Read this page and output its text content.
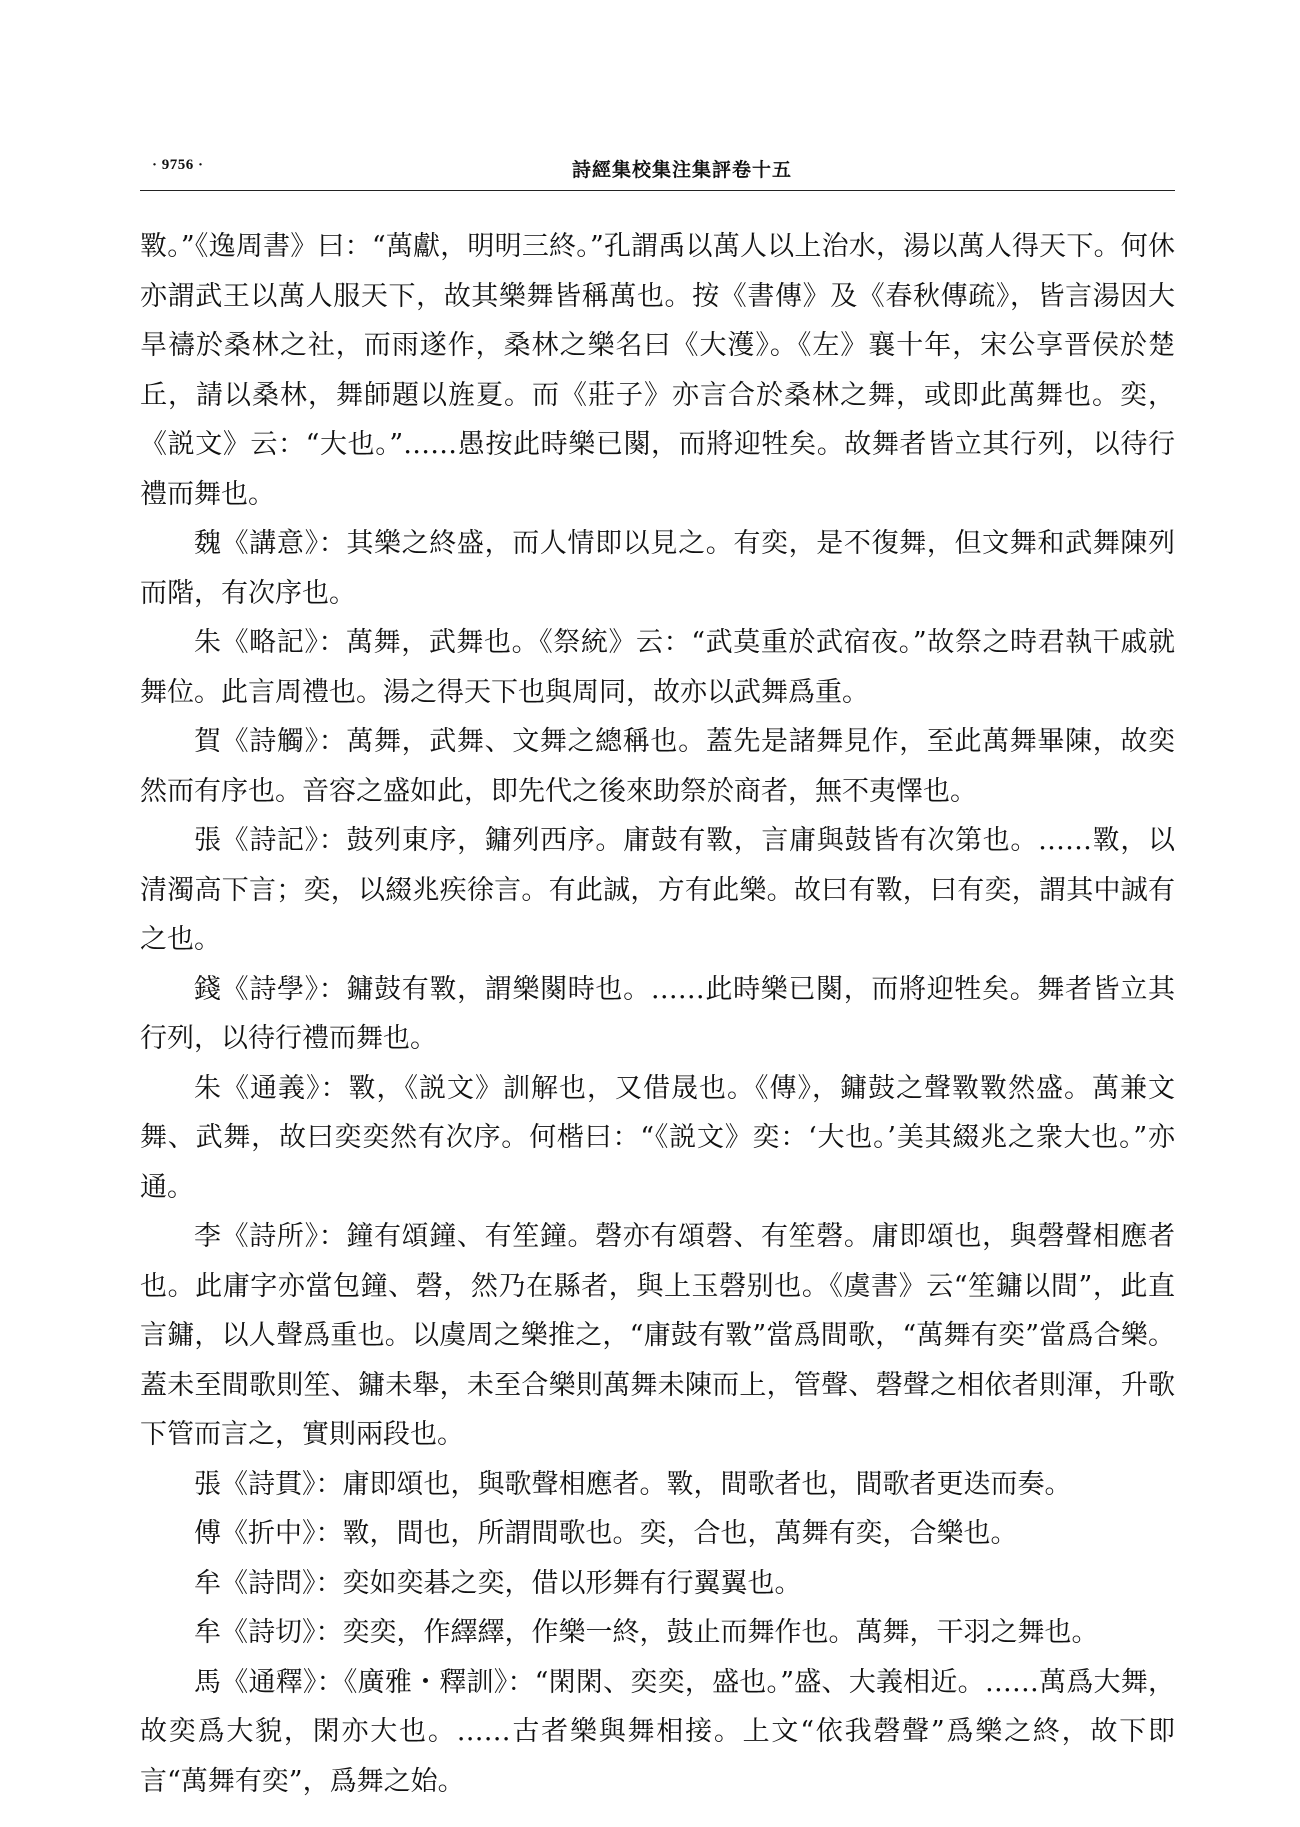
· 9756 ·	詩經集校集注集評卷十五

斁。”《逸周書》曰：“萬獻，明明三終。”孔謂禹以萬人以上治水，湯以萬人得天下。何休亦謂武王以萬人服天下，故其樂舞皆稱萬也。按《書傳》及《春秋傳疏》，皆言湯因大旱禱於桑林之社，而雨遂作，桑林之樂名曰《大濩》。《左》襄十年，宋公享晋侯於楚丘，請以桑林，舞師題以旌夏。而《莊子》亦言合於桑林之舞，或即此萬舞也。奕，《説文》云：“大也。”……愚按此時樂已闋，而將迎牲矣。故舞者皆立其行列，以待行禮而舞也。

魏《講意》：其樂之終盛，而人情即以見之。有奕，是不復舞，但文舞和武舞陳列而階，有次序也。

朱《略記》：萬舞，武舞也。《祭統》云：“武莫重於武宿夜。”故祭之時君執干戚就舞位。此言周禮也。湯之得天下也與周同，故亦以武舞爲重。

賀《詩觸》：萬舞，武舞、文舞之總稱也。蓋先是諸舞見作，至此萬舞畢陳，故奕然而有序也。音容之盛如此，即先代之後來助祭於商者，無不夷懌也。

張《詩記》：鼓列東序，鏞列西序。庸鼓有斁，言庸與鼓皆有次第也。……斁，以清濁高下言；奕，以綴兆疾徐言。有此誠，方有此樂。故曰有斁，曰有奕，謂其中誠有之也。

錢《詩學》：鏞鼓有斁，謂樂闋時也。……此時樂已闋，而將迎牲矣。舞者皆立其行列，以待行禮而舞也。

朱《通義》：斁，《説文》訓解也，又借晟也。《傳》，鏞鼓之聲斁斁然盛。萬兼文舞、武舞，故曰奕奕然有次序。何楷曰：“《説文》奕：‘大也。’美其綴兆之衆大也。”亦通。

李《詩所》：鐘有頌鐘、有笙鐘。磬亦有頌磬、有笙磬。庸即頌也，與磬聲相應者也。此庸字亦當包鐘、磬，然乃在縣者，與上玉磬别也。《虞書》云“笙鏞以間”，此直言鏞，以人聲爲重也。以虞周之樂推之，“庸鼓有斁”當爲間歌，“萬舞有奕”當爲合樂。蓋未至間歌則笙、鏞未舉，未至合樂則萬舞未陳而上，管聲、磬聲之相依者則渾，升歌下管而言之，實則兩段也。

張《詩貫》：庸即頌也，與歌聲相應者。斁，間歌者也，間歌者更迭而奏。

傅《折中》：斁，間也，所謂間歌也。奕，合也，萬舞有奕，合樂也。

牟《詩問》：奕如奕碁之奕，借以形舞有行翼翼也。

牟《詩切》：奕奕，作繹繹，作樂一終，鼓止而舞作也。萬舞，干羽之舞也。

馬《通釋》：《廣雅・釋訓》：“閑閑、奕奕，盛也。”盛、大義相近。……萬爲大舞，故奕爲大貌，閑亦大也。……古者樂與舞相接。上文“依我磬聲”爲樂之終，故下即言“萬舞有奕”，爲舞之始。
